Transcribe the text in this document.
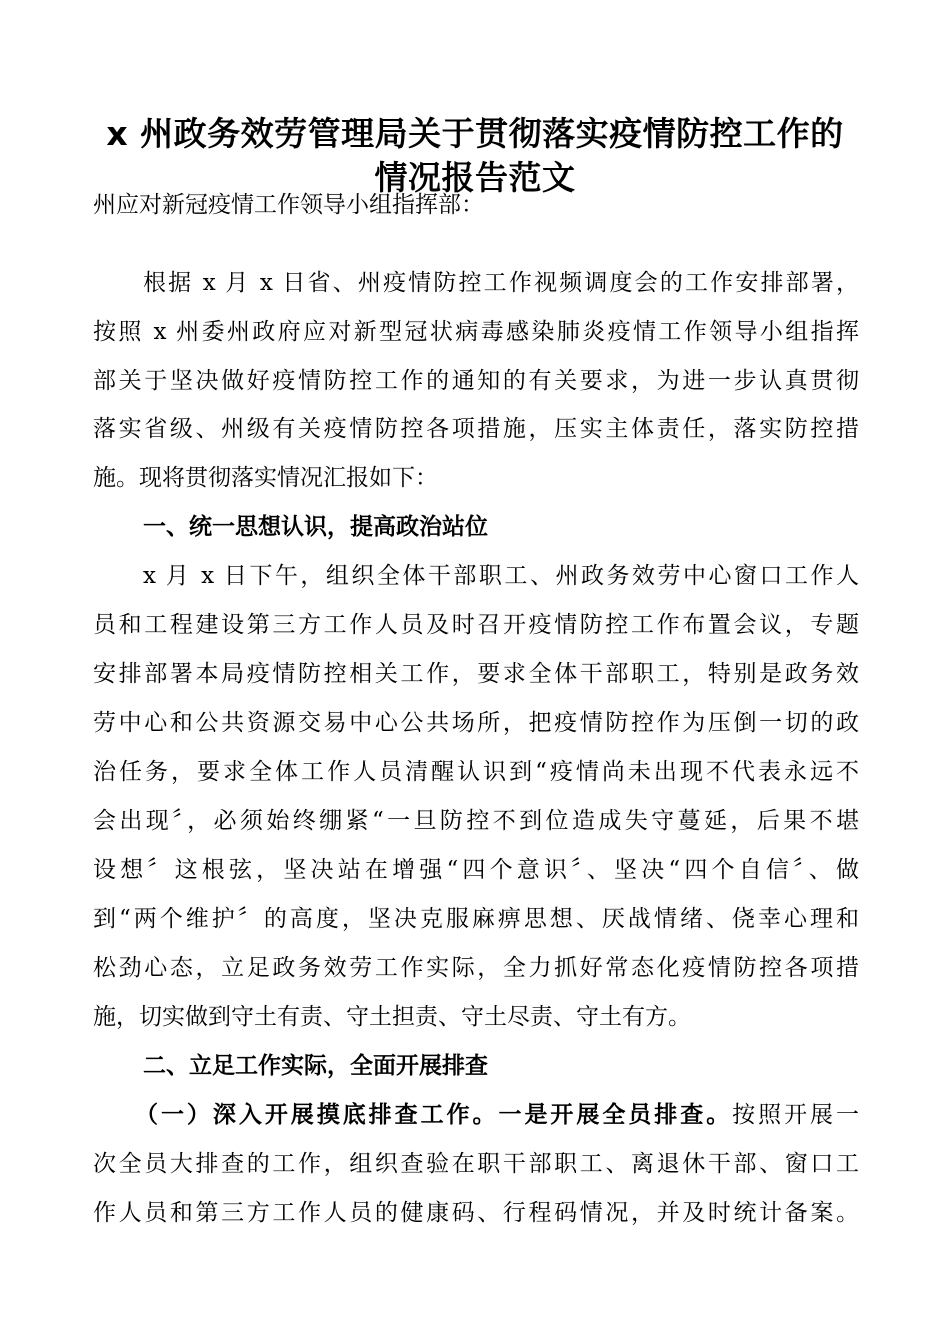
x 州政务效劳管理局关于贯彻落实疫情防控工作的
情况报告范文
州应对新冠疫情工作领导小组指挥部：
根据 x 月 x 日省、州疫情防控工作视频调度会的工作安排部署，
按照 x 州委州政府应对新型冠状病毒感染肺炎疫情工作领导小组指挥
部关于坚决做好疫情防控工作的通知的有关要求，为进一步认真贯彻
落实省级、州级有关疫情防控各项措施，压实主体责任，落实防控措
施。现将贯彻落实情况汇报如下：
一、统一思想认识，提高政治站位
x 月 x 日下午，组织全体干部职工、州政务效劳中心窗口工作人
员和工程建设第三方工作人员及时召开疫情防控工作布置会议，专题
安排部署本局疫情防控相关工作，要求全体干部职工，特别是政务效
劳中心和公共资源交易中心公共场所，把疫情防控作为压倒一切的政
治任务，要求全体工作人员清醒认识到“疫情尚未出现不代表永远不
会出现〞，必须始终绷紧“一旦防控不到位造成失守蔓延，后果不堪
设想〞这根弦，坚决站在增强“四个意识〞、坚决“四个自信〞、做
到“两个维护〞的高度，坚决克服麻痹思想、厌战情绪、侥幸心理和
松劲心态，立足政务效劳工作实际，全力抓好常态化疫情防控各项措
施，切实做到守土有责、守土担责、守土尽责、守土有方。
二、立足工作实际，全面开展排查
（一）深入开展摸底排查工作。一是开展全员排查。按照开展一
次全员大排查的工作，组织查验在职干部职工、离退休干部、窗口工
作人员和第三方工作人员的健康码、行程码情况，并及时统计备案。
